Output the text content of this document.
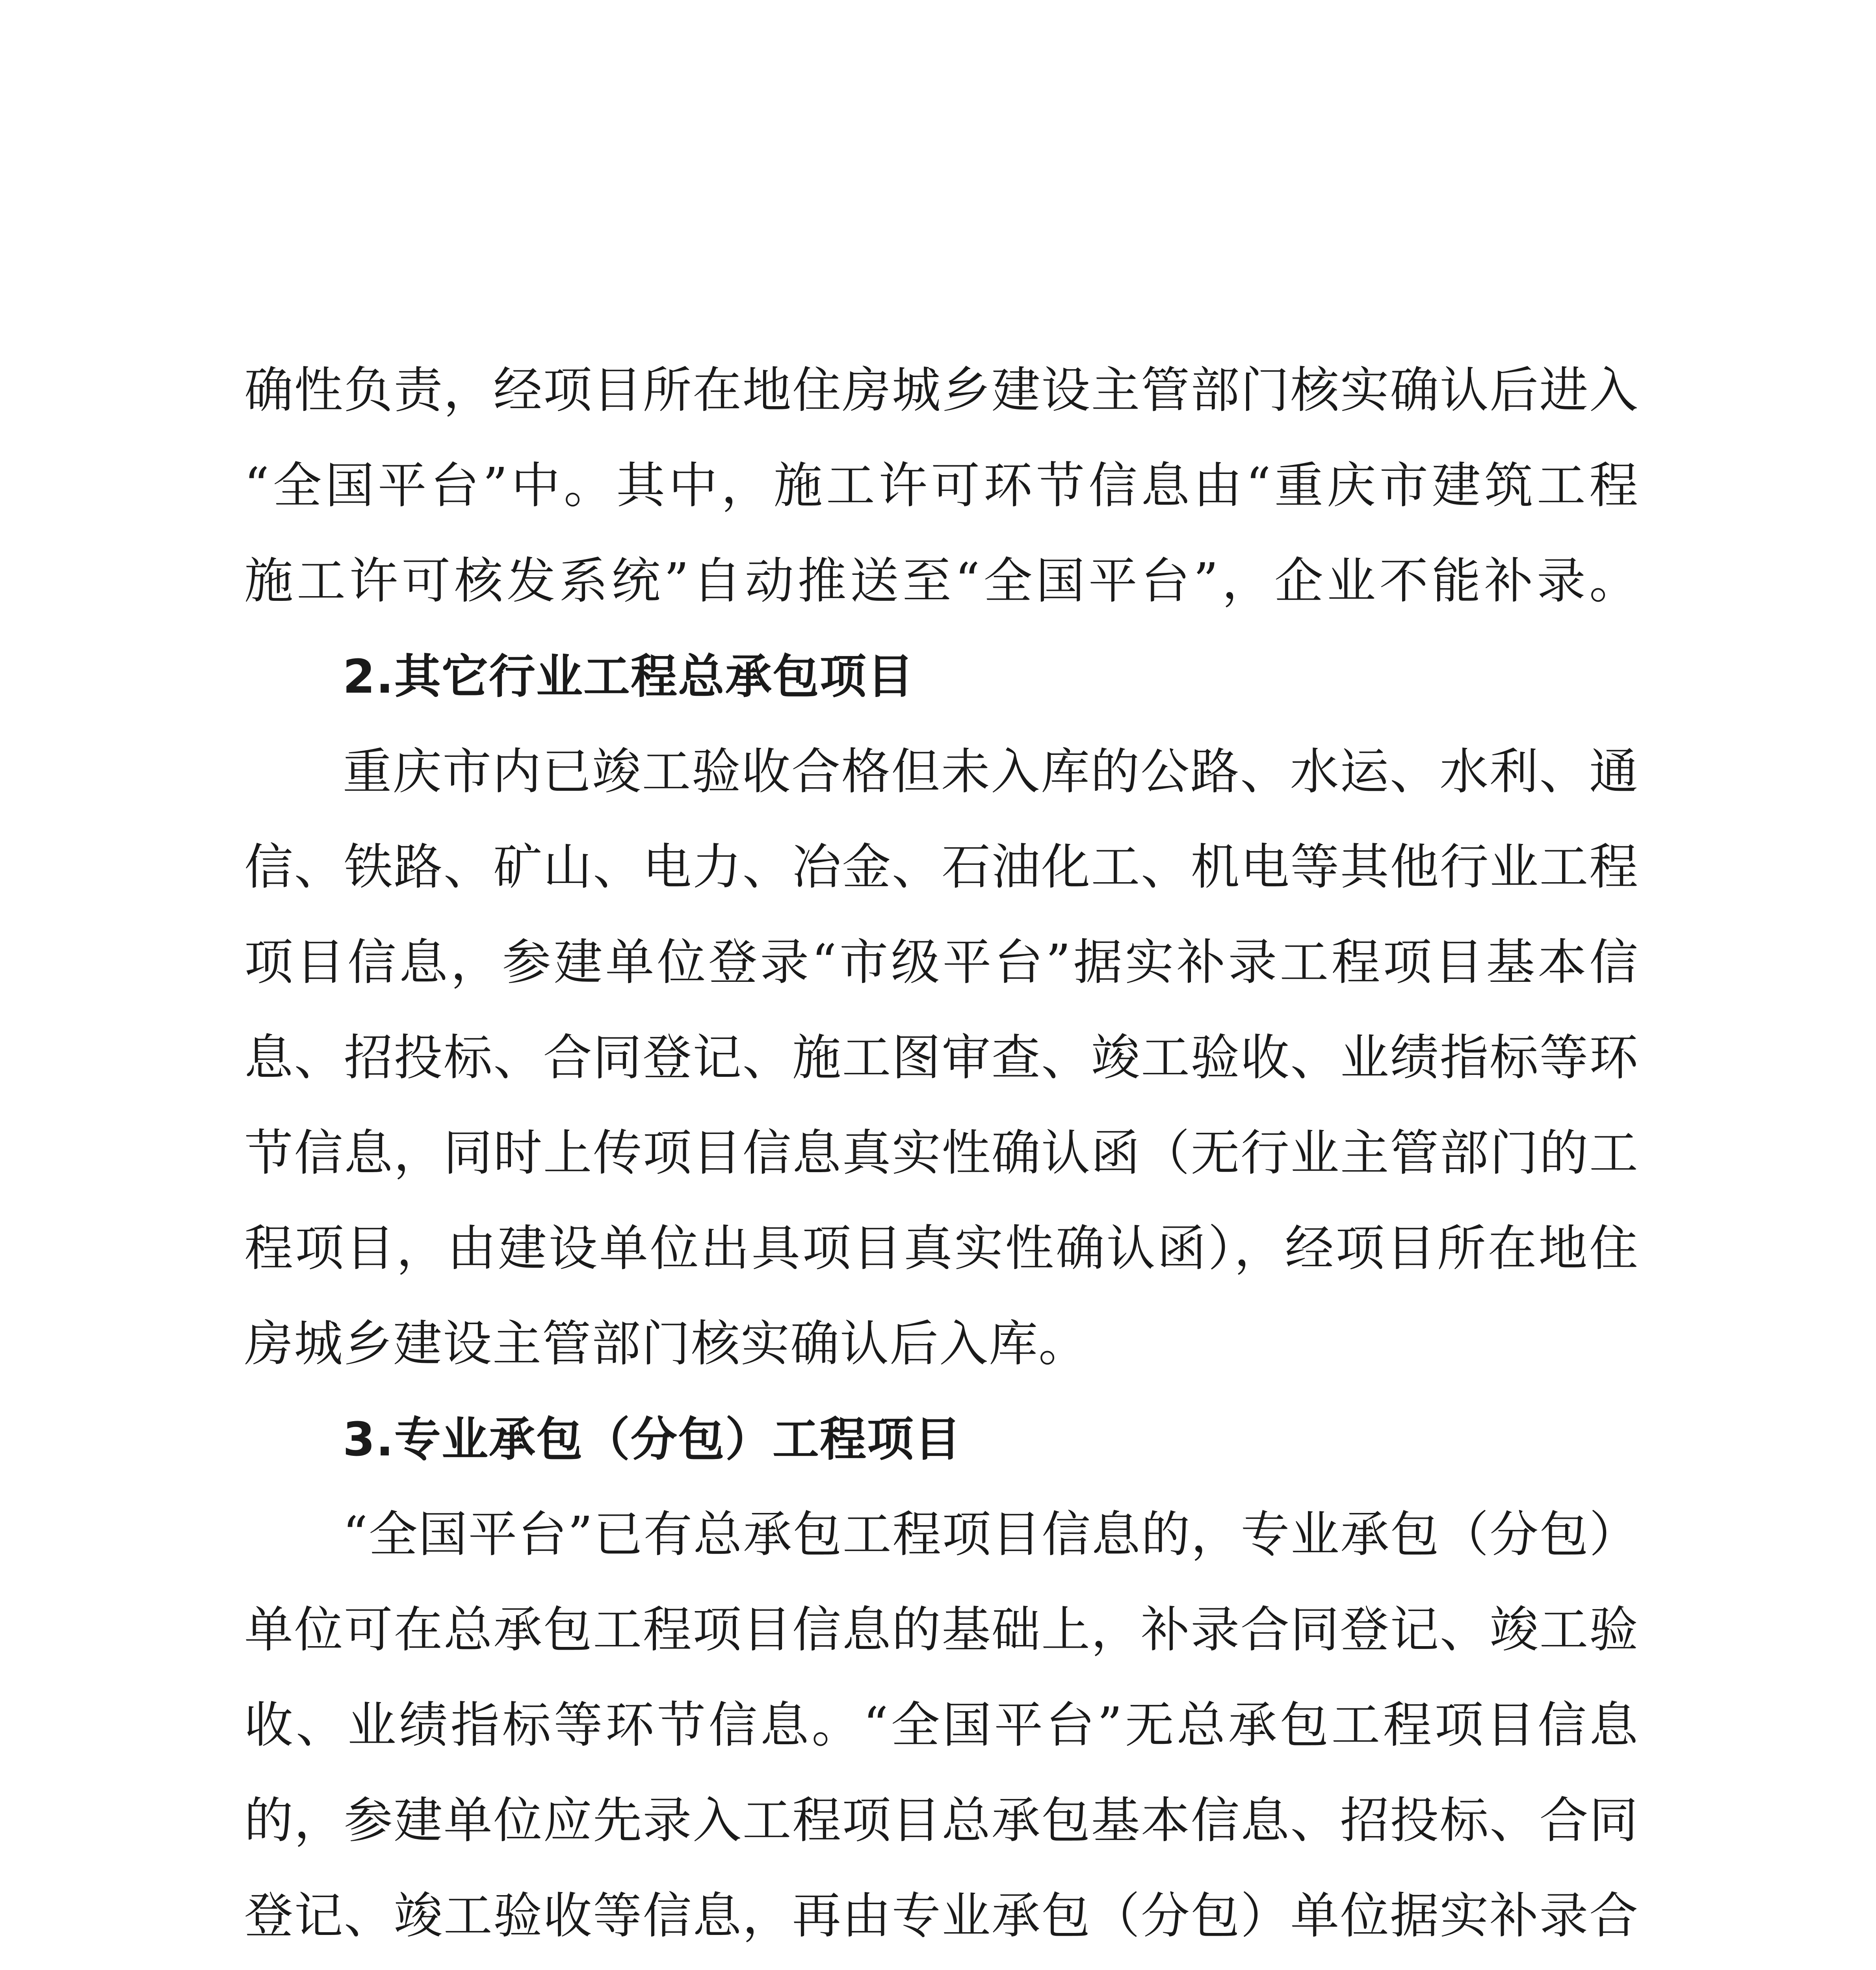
确性负责，经项目所在地住房城乡建设主管部门核实确认后进入
“全国平台”中。其中，施工许可环节信息由“重庆市建筑工程
施工许可核发系统”自动推送至“全国平台”，企业不能补录。
2.其它行业工程总承包项目
重庆市内已竣工验收合格但未入库的公路、水运、水利、通
信、铁路、矿山、电力、冶金、石油化工、机电等其他行业工程
项目信息，参建单位登录“市级平台”据实补录工程项目基本信
息、招投标、合同登记、施工图审查、竣工验收、业绩指标等环
节信息，同时上传项目信息真实性确认函（无行业主管部门的工
程项目，由建设单位出具项目真实性确认函），经项目所在地住
房城乡建设主管部门核实确认后入库。
3.专业承包（分包）工程项目
“全国平台”已有总承包工程项目信息的，专业承包（分包）
单位可在总承包工程项目信息的基础上，补录合同登记、竣工验
收、业绩指标等环节信息。“全国平台”无总承包工程项目信息
的，参建单位应先录入工程项目总承包基本信息、招投标、合同
登记、竣工验收等信息，再由专业承包（分包）单位据实补录合
